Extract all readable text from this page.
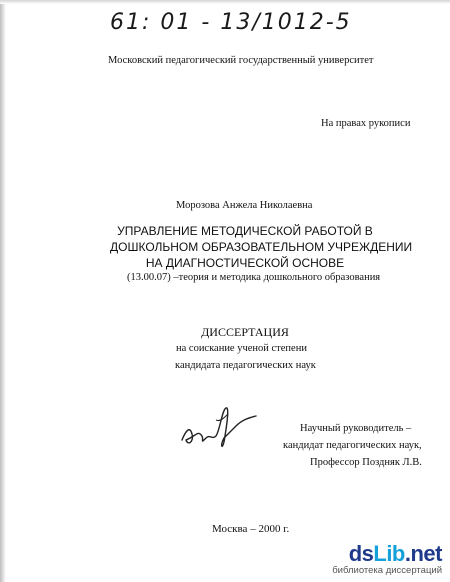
61: 01 - 13/1012-5
Московский педагогический государственный университет
На правах рукописи
Морозова Анжела Николаевна
УПРАВЛЕНИЕ МЕТОДИЧЕСКОЙ РАБОТОЙ В
ДОШКОЛЬНОМ ОБРАЗОВАТЕЛЬНОМ УЧРЕЖДЕНИИ
НА ДИАГНОСТИЧЕСКОЙ ОСНОВЕ
(13.00.07) –теория и методика дошкольного образования
ДИССЕРТАЦИЯ
на соискание ученой степени
кандидата педагогических наук
Научный руководитель –
кандидат педагогических наук,
Профессор Поздняк Л.В.
Москва – 2000 г.
dsLib.net
библиотека диссертаций
